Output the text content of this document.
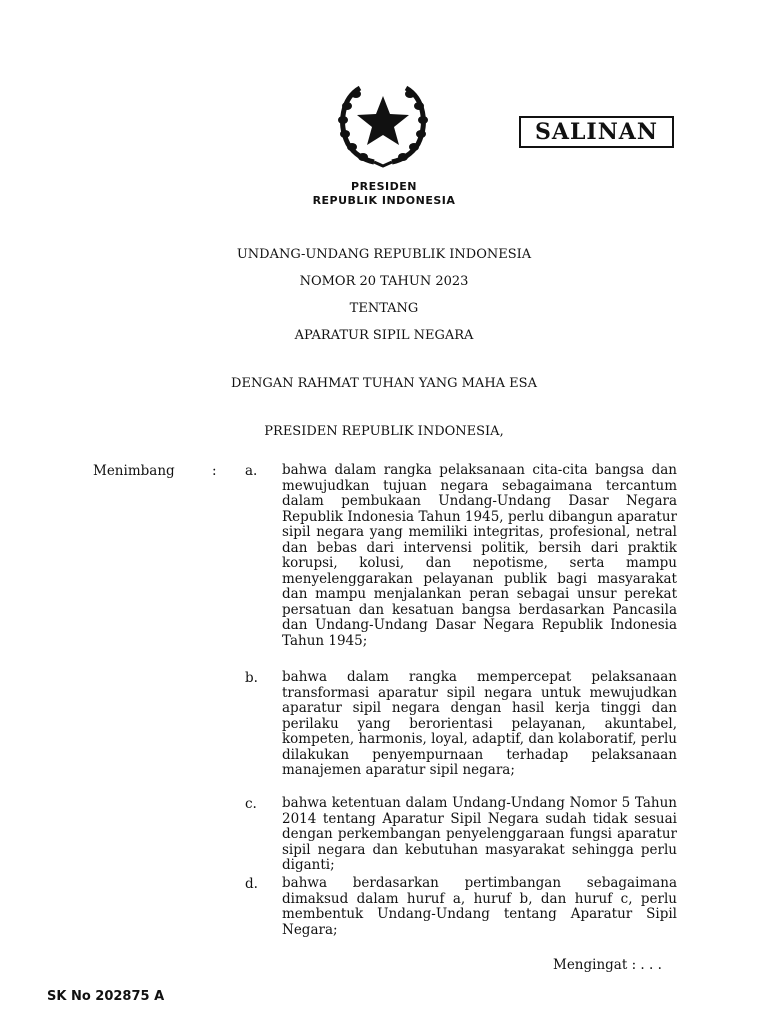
SALINAN
PRESIDEN
REPUBLIK INDONESIA
UNDANG-UNDANG REPUBLIK INDONESIA
NOMOR 20 TAHUN 2023
TENTANG
APARATUR SIPIL NEGARA
DENGAN RAHMAT TUHAN YANG MAHA ESA
PRESIDEN REPUBLIK INDONESIA,
Menimbang	: a. bahwa dalam rangka pelaksanaan cita-cita bangsa dan mewujudkan tujuan negara sebagaimana tercantum dalam pembukaan Undang-Undang Dasar Negara Republik Indonesia Tahun 1945, perlu dibangun aparatur sipil negara yang memiliki integritas, profesional, netral dan bebas dari intervensi politik, bersih dari praktik korupsi, kolusi, dan nepotisme, serta mampu menyelenggarakan pelayanan publik bagi masyarakat dan mampu menjalankan peran sebagai unsur perekat persatuan dan kesatuan bangsa berdasarkan Pancasila dan Undang-Undang Dasar Negara Republik Indonesia Tahun 1945;
b. bahwa dalam rangka mempercepat pelaksanaan transformasi aparatur sipil negara untuk mewujudkan aparatur sipil negara dengan hasil kerja tinggi dan perilaku yang berorientasi pelayanan, akuntabel, kompeten, harmonis, loyal, adaptif, dan kolaboratif, perlu dilakukan penyempurnaan terhadap pelaksanaan manajemen aparatur sipil negara;
c. bahwa ketentuan dalam Undang-Undang Nomor 5 Tahun 2014 tentang Aparatur Sipil Negara sudah tidak sesuai dengan perkembangan penyelenggaraan fungsi aparatur sipil negara dan kebutuhan masyarakat sehingga perlu diganti;
d. bahwa berdasarkan pertimbangan sebagaimana dimaksud dalam huruf a, huruf b, dan huruf c, perlu membentuk Undang-Undang tentang Aparatur Sipil Negara;
Mengingat : . . .
SK No 202875 A
